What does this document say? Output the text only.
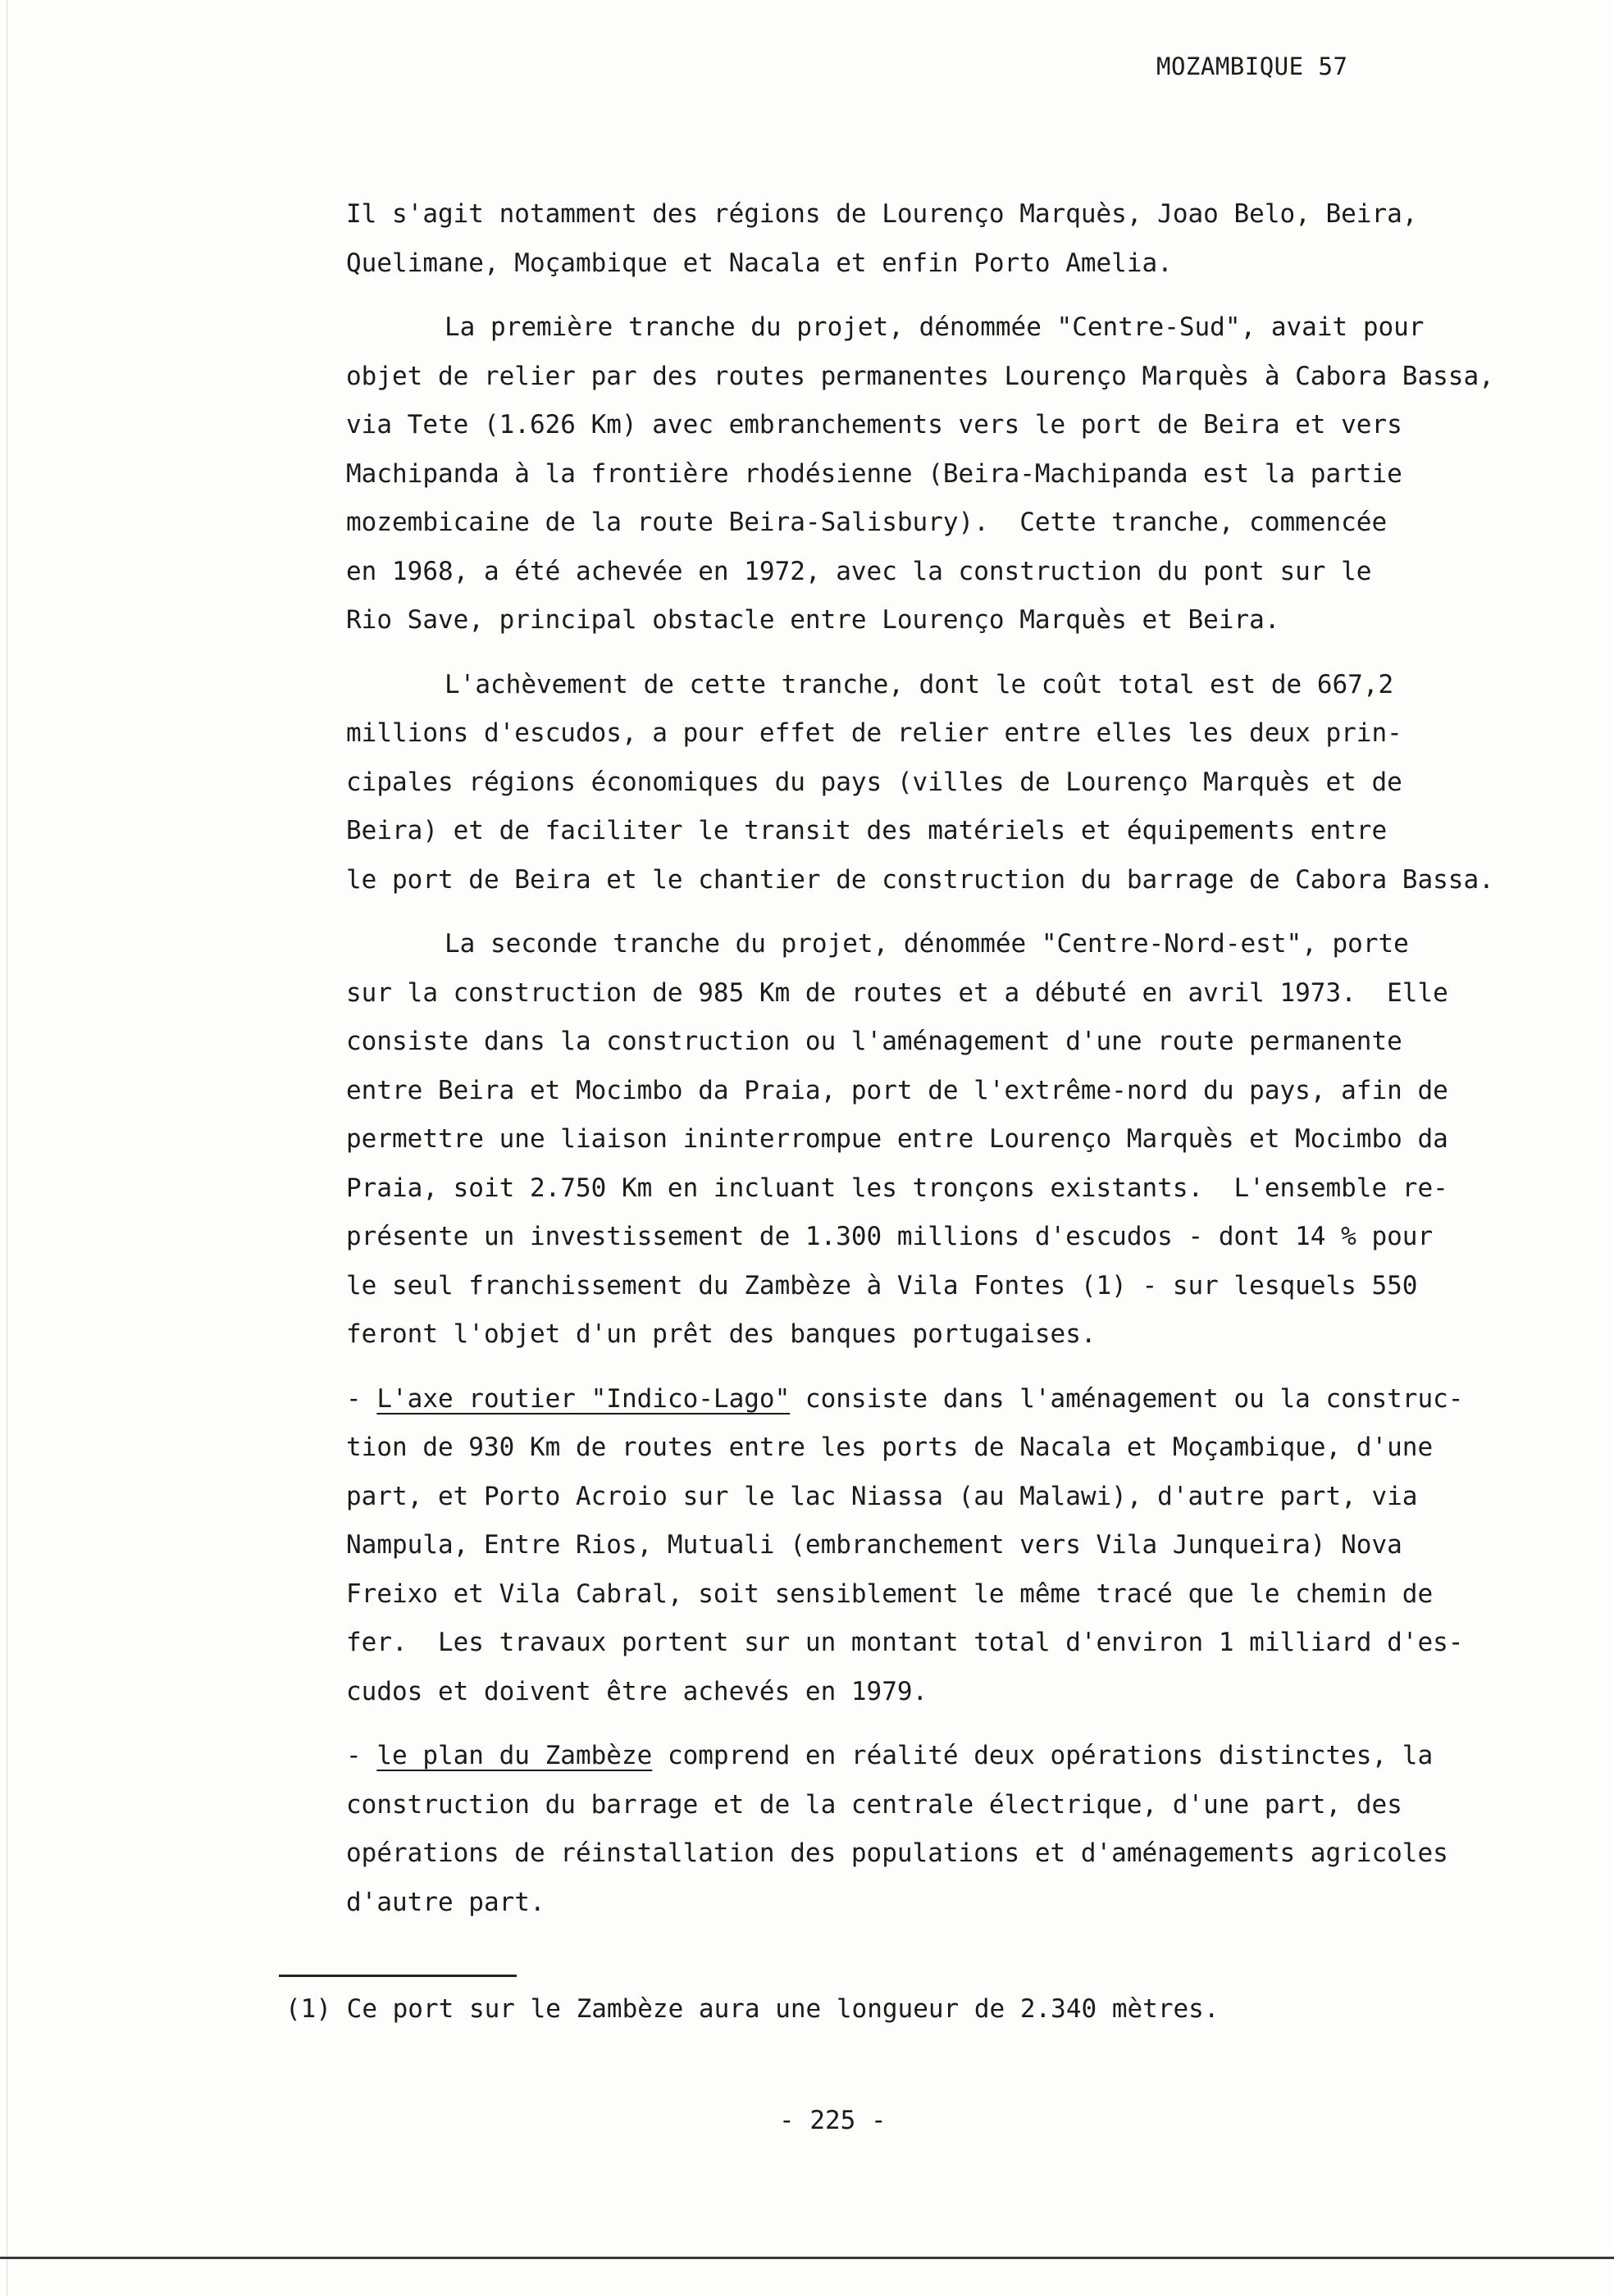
MOZAMBIQUE 57

Il s'agit notamment des régions de Lourenço Marquès, Joao Belo, Beira,
Quelimane, Moçambique et Nacala et enfin Porto Amelia.

La première tranche du projet, dénommée "Centre-Sud", avait pour
objet de relier par des routes permanentes Lourenço Marquès à Cabora Bassa,
via Tete (1.626 Km) avec embranchements vers le port de Beira et vers
Machipanda à la frontière rhodésienne (Beira-Machipanda est la partie
mozembicaine de la route Beira-Salisbury).  Cette tranche, commencée
en 1968, a été achevée en 1972, avec la construction du pont sur le
Rio Save, principal obstacle entre Lourenço Marquès et Beira.

L'achèvement de cette tranche, dont le coût total est de 667,2
millions d'escudos, a pour effet de relier entre elles les deux prin-
cipales régions économiques du pays (villes de Lourenço Marquès et de
Beira) et de faciliter le transit des matériels et équipements entre
le port de Beira et le chantier de construction du barrage de Cabora Bassa.

La seconde tranche du projet, dénommée "Centre-Nord-est", porte
sur la construction de 985 Km de routes et a débuté en avril 1973.  Elle
consiste dans la construction ou l'aménagement d'une route permanente
entre Beira et Mocimbo da Praia, port de l'extrême-nord du pays, afin de
permettre une liaison ininterrompue entre Lourenço Marquès et Mocimbo da
Praia, soit 2.750 Km en incluant les tronçons existants.  L'ensemble re-
présente un investissement de 1.300 millions d'escudos - dont 14 % pour
le seul franchissement du Zambèze à Vila Fontes (1) - sur lesquels 550
feront l'objet d'un prêt des banques portugaises.

- L'axe routier "Indico-Lago" consiste dans l'aménagement ou la construc-
tion de 930 Km de routes entre les ports de Nacala et Moçambique, d'une
part, et Porto Acroio sur le lac Niassa (au Malawi), d'autre part, via
Nampula, Entre Rios, Mutuali (embranchement vers Vila Junqueira) Nova
Freixo et Vila Cabral, soit sensiblement le même tracé que le chemin de
fer.  Les travaux portent sur un montant total d'environ 1 milliard d'es-
cudos et doivent être achevés en 1979.

- le plan du Zambèze comprend en réalité deux opérations distinctes, la
construction du barrage et de la centrale électrique, d'une part, des
opérations de réinstallation des populations et d'aménagements agricoles
d'autre part.

(1) Ce port sur le Zambèze aura une longueur de 2.340 mètres.
- 225 -
